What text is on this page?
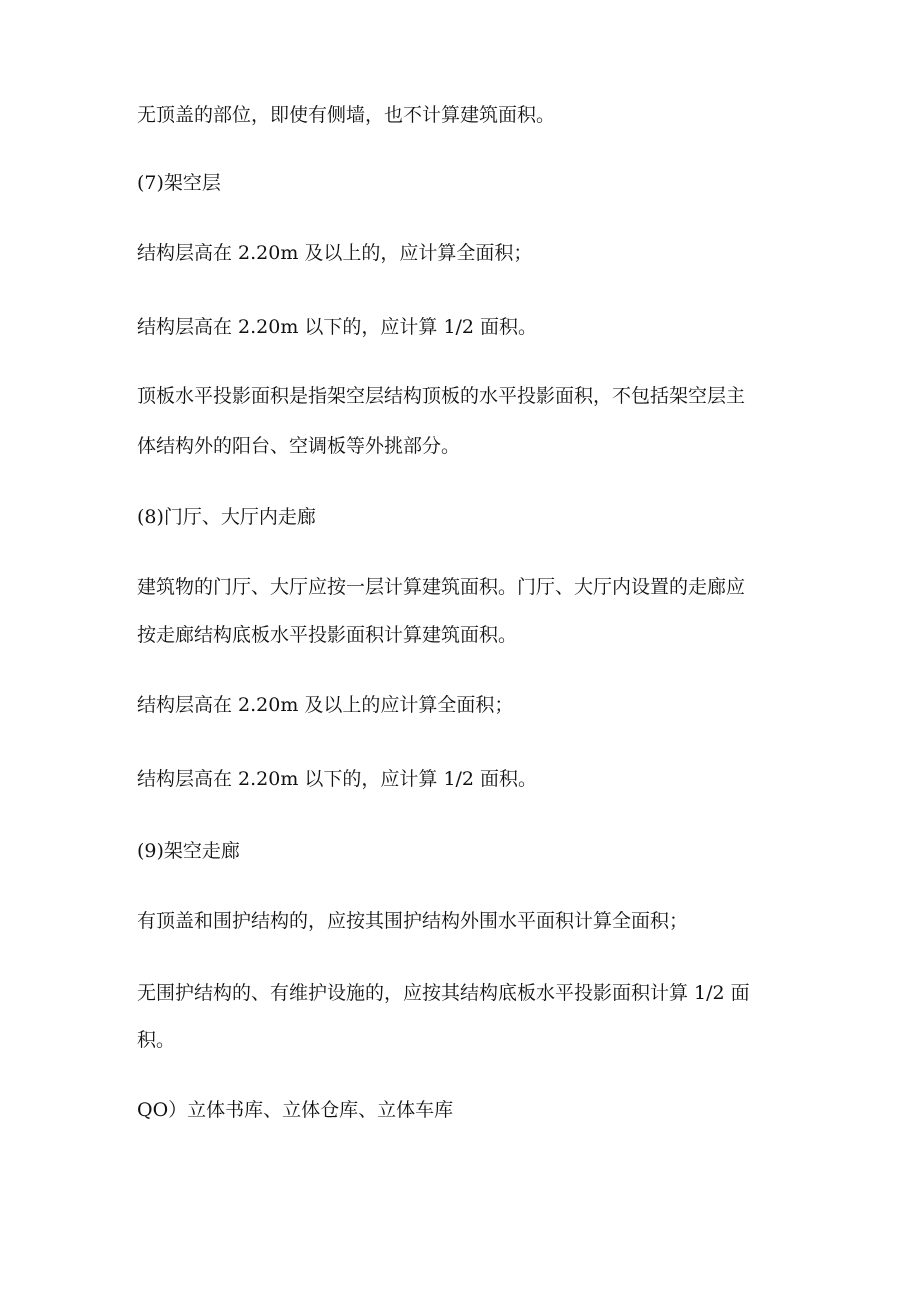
无顶盖的部位，即使有侧墙，也不计算建筑面积。
(7)架空层
结构层高在 2.20m 及以上的，应计算全面积；
结构层高在 2.20m 以下的，应计算 1/2 面积。
顶板水平投影面积是指架空层结构顶板的水平投影面积，不包括架空层主
体结构外的阳台、空调板等外挑部分。
(8)门厅、大厅内走廊
建筑物的门厅、大厅应按一层计算建筑面积。门厅、大厅内设置的走廊应
按走廊结构底板水平投影面积计算建筑面积。
结构层高在 2.20m 及以上的应计算全面积；
结构层高在 2.20m 以下的，应计算 1/2 面积。
(9)架空走廊
有顶盖和围护结构的，应按其围护结构外围水平面积计算全面积；
无围护结构的、有维护设施的，应按其结构底板水平投影面积计算 1/2 面
积。
QO）立体书库、立体仓库、立体车库
